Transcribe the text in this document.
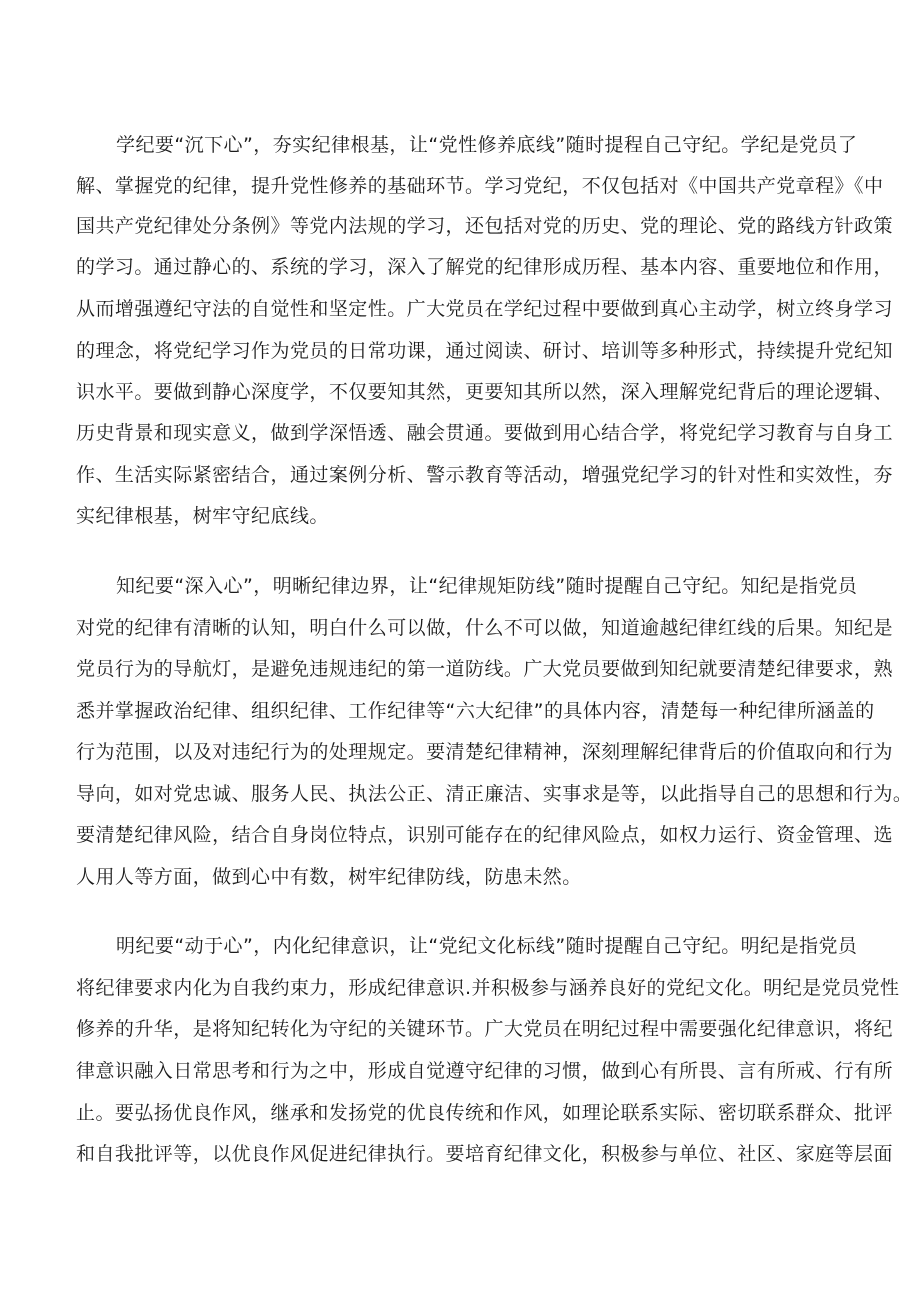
学纪要“沉下心”，夯实纪律根基，让“党性修养底线”随时提程自己守纪。学纪是党员了
解、掌握党的纪律，提升党性修养的基础环节。学习党纪，不仅包括对《中国共产党章程》《中
国共产党纪律处分条例》等党内法规的学习，还包括对党的历史、党的理论、党的路线方针政策
的学习。通过静心的、系统的学习，深入了解党的纪律形成历程、基本内容、重要地位和作用，
从而增强遵纪守法的自觉性和坚定性。广大党员在学纪过程中要做到真心主动学，树立终身学习
的理念，将党纪学习作为党员的日常功课，通过阅读、研讨、培训等多种形式，持续提升党纪知
识水平。要做到静心深度学，不仅要知其然，更要知其所以然，深入理解党纪背后的理论逻辑、
历史背景和现实意义，做到学深悟透、融会贯通。要做到用心结合学，将党纪学习教育与自身工
作、生活实际紧密结合，通过案例分析、警示教育等活动，增强党纪学习的针对性和实效性，夯
实纪律根基，树牢守纪底线。
知纪要“深入心”，明晰纪律边界，让“纪律规矩防线”随时提醒自己守纪。知纪是指党员
对党的纪律有清晰的认知，明白什么可以做，什么不可以做，知道逾越纪律红线的后果。知纪是
党员行为的导航灯，是避免违规违纪的第一道防线。广大党员要做到知纪就要清楚纪律要求，熟
悉并掌握政治纪律、组织纪律、工作纪律等“六大纪律”的具体内容，清楚每一种纪律所涵盖的
行为范围，以及对违纪行为的处理规定。要清楚纪律精神，深刻理解纪律背后的价值取向和行为
导向，如对党忠诚、服务人民、执法公正、清正廉洁、实事求是等，以此指导自己的思想和行为。
要清楚纪律风险，结合自身岗位特点，识别可能存在的纪律风险点，如权力运行、资金管理、选
人用人等方面，做到心中有数，树牢纪律防线，防患未然。
明纪要“动于心”，内化纪律意识，让“党纪文化标线”随时提醒自己守纪。明纪是指党员
将纪律要求内化为自我约束力，形成纪律意识.并积极参与涵养良好的党纪文化。明纪是党员党性
修养的升华，是将知纪转化为守纪的关键环节。广大党员在明纪过程中需要强化纪律意识，将纪
律意识融入日常思考和行为之中，形成自觉遵守纪律的习惯，做到心有所畏、言有所戒、行有所
止。要弘扬优良作风，继承和发扬党的优良传统和作风，如理论联系实际、密切联系群众、批评
和自我批评等，以优良作风促进纪律执行。要培育纪律文化，积极参与单位、社区、家庭等层面
